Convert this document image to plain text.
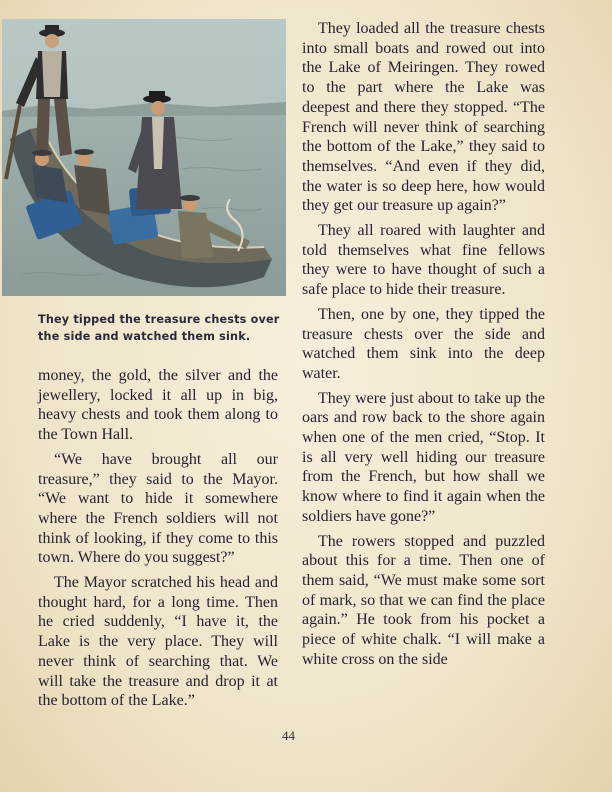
They tipped the treasure chests over the side and watched them sink.

money, the gold, the silver and the jewellery, locked it all up in big, heavy chests and took them along to the Town Hall.

“We have brought all our treasure,” they said to the Mayor. “We want to hide it somewhere where the French soldiers will not think of looking, if they come to this town. Where do you suggest?”

The Mayor scratched his head and thought hard, for a long time. Then he cried suddenly, “I have it, the Lake is the very place. They will never think of searching that. We will take the treasure and drop it at the bottom of the Lake.”

They loaded all the treasure chests into small boats and rowed out into the Lake of Meiringen. They rowed to the part where the Lake was deepest and there they stopped. “The French will never think of searching the bottom of the Lake,” they said to themselves. “And even if they did, the water is so deep here, how would they get our treasure up again?”

They all roared with laughter and told themselves what fine fellows they were to have thought of such a safe place to hide their treasure.

Then, one by one, they tipped the treasure chests over the side and watched them sink into the deep water.

They were just about to take up the oars and row back to the shore again when one of the men cried, “Stop. It is all very well hiding our treasure from the French, but how shall we know where to find it again when the soldiers have gone?”

The rowers stopped and puzzled about this for a time. Then one of them said, “We must make some sort of mark, so that we can find the place again.” He took from his pocket a piece of white chalk. “I will make a white cross on the side

44
